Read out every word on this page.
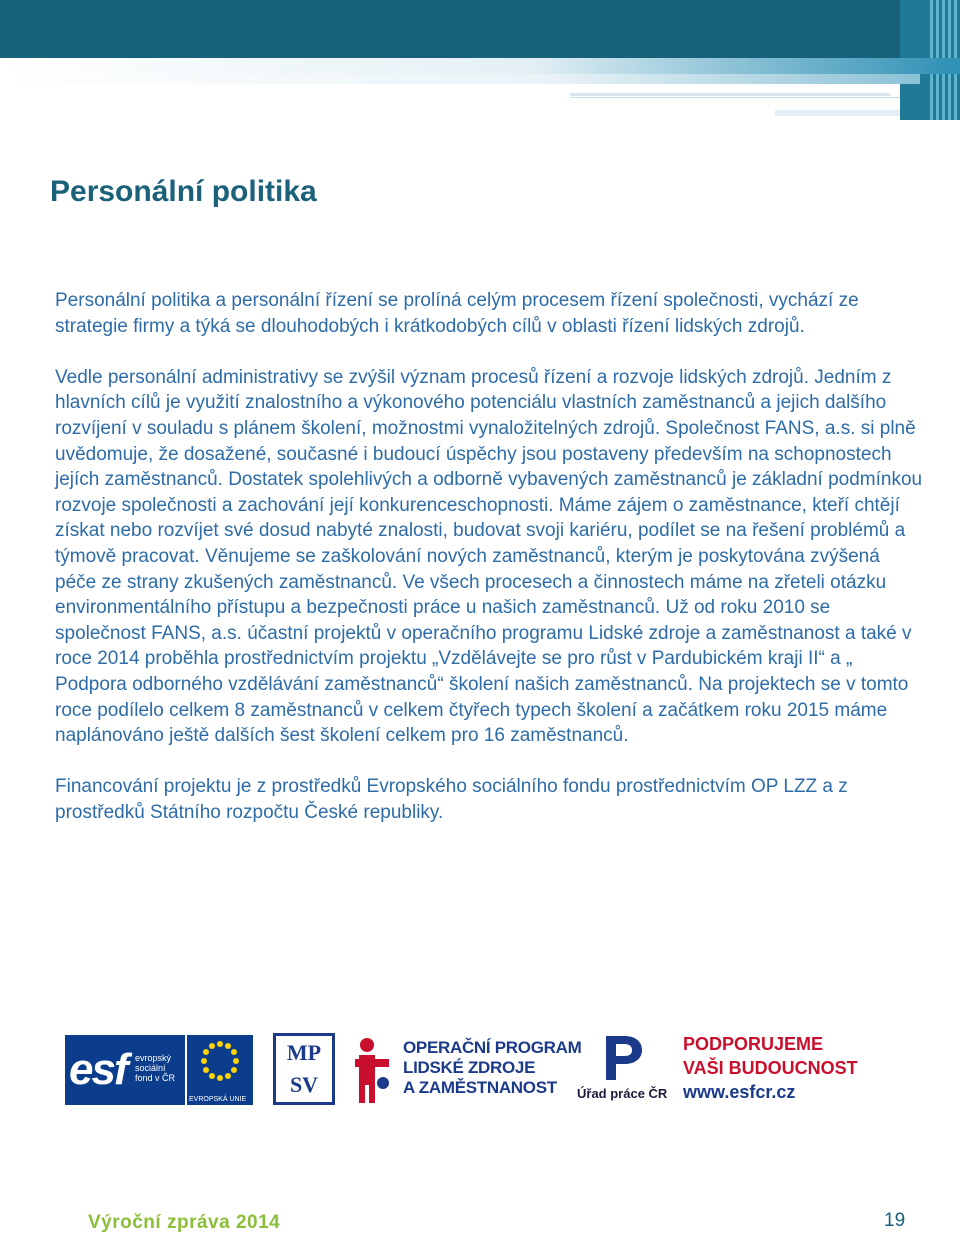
Personální politika

Personální politika a personální řízení se prolíná celým procesem řízení společnosti, vychází ze strategie firmy a týká se dlouhodobých i krátkodobých cílů v oblasti řízení lidských zdrojů.

Vedle personální administrativy se zvýšil význam procesů řízení a rozvoje lidských zdrojů. Jedním z hlavních cílů je využití znalostního a výkonového potenciálu vlastních zaměstnanců a jejich dalšího rozvíjení v souladu s plánem školení, možnostmi vynaložitelných zdrojů. Společnost FANS, a.s. si plně uvědomuje, že dosažené, současné i budoucí úspěchy jsou postaveny především na schopnostech jejích zaměstnanců. Dostatek spolehlivých a odborně vybavených zaměstnanců je základní podmínkou rozvoje společnosti a zachování její konkurenceschopnosti. Máme zájem o zaměstnance, kteří chtějí získat nebo rozvíjet své dosud nabyté znalosti, budovat svoji kariéru, podílet se na řešení problémů a týmově pracovat. Věnujeme se zaškolování nových zaměstnanců, kterým je poskytována zvýšená péče ze strany zkušených zaměstnanců. Ve všech procesech a činnostech máme na zřeteli otázku environmentálního přístupu a bezpečnosti práce u našich zaměstnanců. Už od roku 2010 se společnost FANS, a.s. účastní projektů v operačního programu Lidské zdroje a zaměstnanost a také v roce 2014 proběhla prostřednictvím projektu „Vzdělávejte se pro růst v Pardubickém kraji II“ a „ Podpora odborného vzdělávání zaměstnanců“ školení našich zaměstnanců. Na projektech se v tomto roce podílelo celkem 8 zaměstnanců v celkem čtyřech typech školení a začátkem roku 2015 máme naplánováno ještě dalších šest školení celkem pro 16 zaměstnanců.

Financování projektu je z prostředků Evropského sociálního fondu prostřednictvím OP LZZ a z prostředků Státního rozpočtu České republiky.

esf evropský
sociální
fond v ČR
EVROPSKÁ UNIE
MP
SV
OPERAČNÍ PROGRAM
LIDSKÉ ZDROJE
A ZAMĚSTNANOST	Úřad práce ČR
PODPORUJEME
VAŠI BUDOUCNOST
www.esfcr.cz
Výroční zpráva 2014	19
